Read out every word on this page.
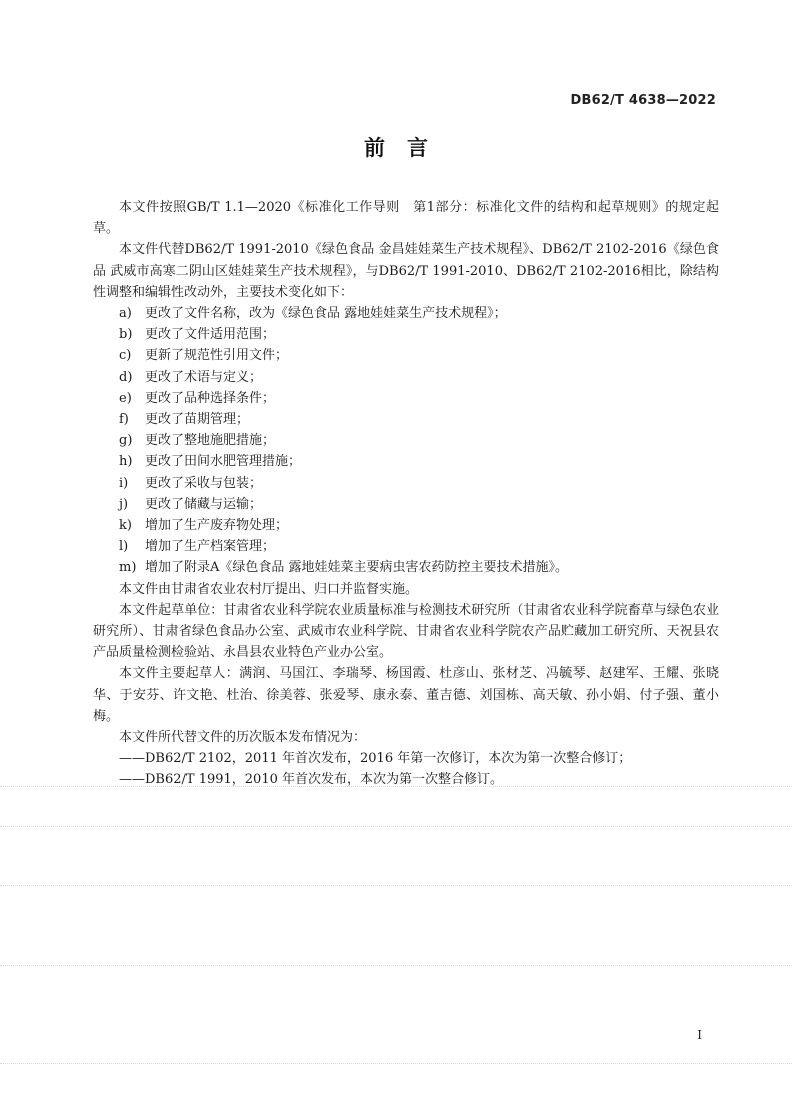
DB62/T 4638—2022
前言

本文件按照GB/T 1.1—2020《标准化工作导则　第1部分：标准化文件的结构和起草规则》的规定起草。

本文件代替DB62/T 1991-2010《绿色食品 金昌娃娃菜生产技术规程》、DB62/T 2102-2016《绿色食品 武威市高寒二阴山区娃娃菜生产技术规程》，与DB62/T 1991-2010、DB62/T 2102-2016相比，除结构性调整和编辑性改动外，主要技术变化如下：

a) 更改了文件名称，改为《绿色食品 露地娃娃菜生产技术规程》；

b) 更改了文件适用范围；

c) 更新了规范性引用文件；

d) 更改了术语与定义；

e) 更改了品种选择条件；

f) 更改了苗期管理；

g) 更改了整地施肥措施；

h) 更改了田间水肥管理措施；

i) 更改了采收与包装；

j) 更改了储藏与运输；

k) 增加了生产废弃物处理；

l) 增加了生产档案管理；

m) 增加了附录A《绿色食品 露地娃娃菜主要病虫害农药防控主要技术措施》。

本文件由甘肃省农业农村厅提出、归口并监督实施。

本文件起草单位：甘肃省农业科学院农业质量标准与检测技术研究所（甘肃省农业科学院畜草与绿色农业研究所）、甘肃省绿色食品办公室、武威市农业科学院、甘肃省农业科学院农产品贮藏加工研究所、天祝县农产品质量检测检验站、永昌县农业特色产业办公室。

本文件主要起草人：满润、马国江、李瑞琴、杨国霞、杜彦山、张材芝、冯毓琴、赵建军、王耀、张晓华、于安芬、许文艳、杜治、徐美蓉、张爱琴、康永泰、董吉德、刘国栋、高天敏、孙小娟、付子强、董小梅。

本文件所代替文件的历次版本发布情况为：

——DB62/T 2102，2011 年首次发布，2016 年第一次修订，本次为第一次整合修订；

——DB62/T 1991，2010 年首次发布，本次为第一次整合修订。

I
